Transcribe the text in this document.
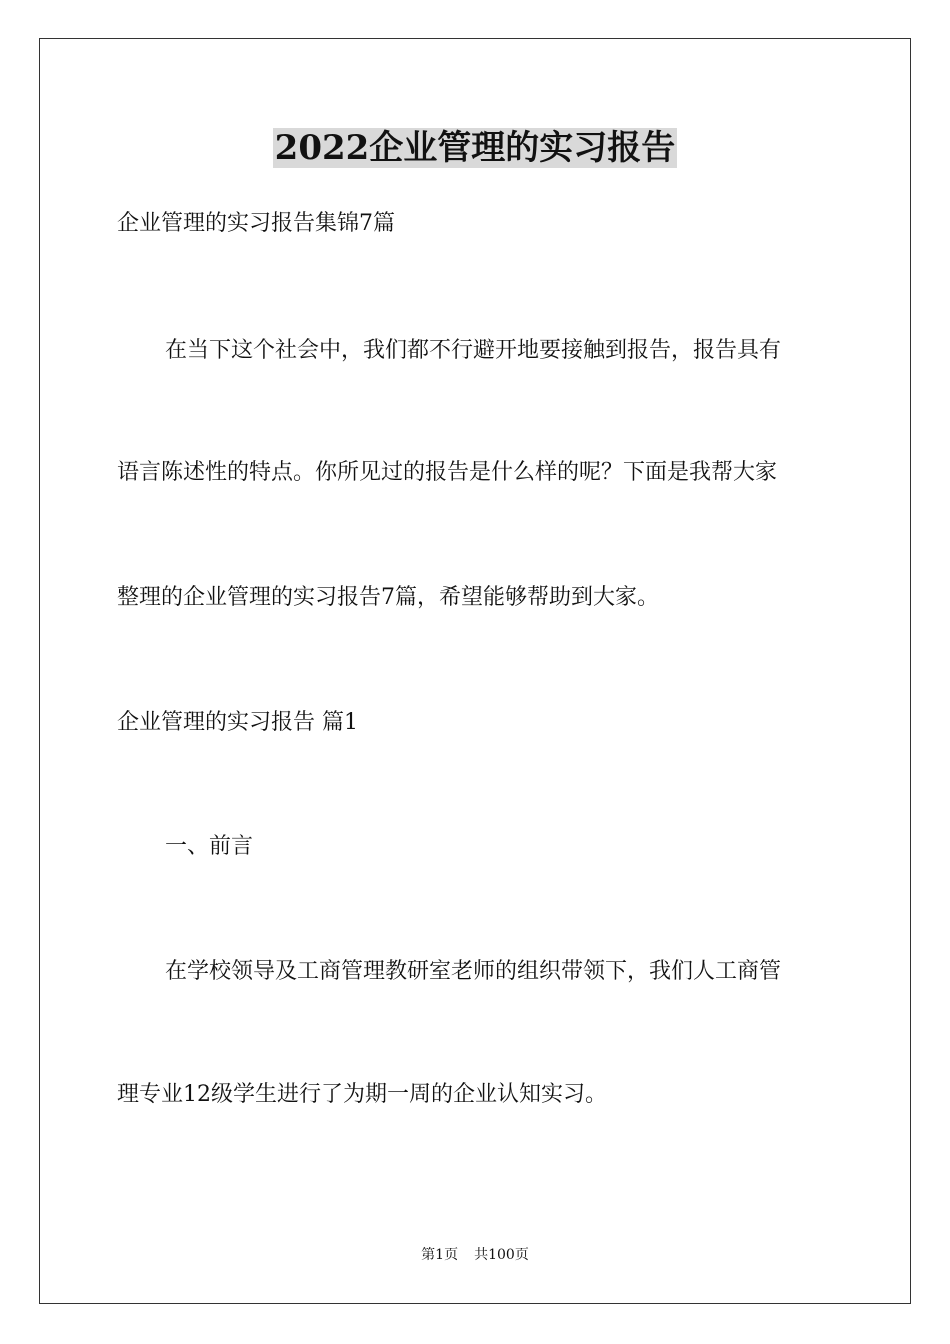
2022企业管理的实习报告
企业管理的实习报告集锦7篇
在当下这个社会中，我们都不行避开地要接触到报告，报告具有
语言陈述性的特点。你所见过的报告是什么样的呢？下面是我帮大家
整理的企业管理的实习报告7篇，希望能够帮助到大家。
企业管理的实习报告 篇1
一、前言
在学校领导及工商管理教研室老师的组织带领下，我们人工商管
理专业12级学生进行了为期一周的企业认知实习。
第1页 共100页
